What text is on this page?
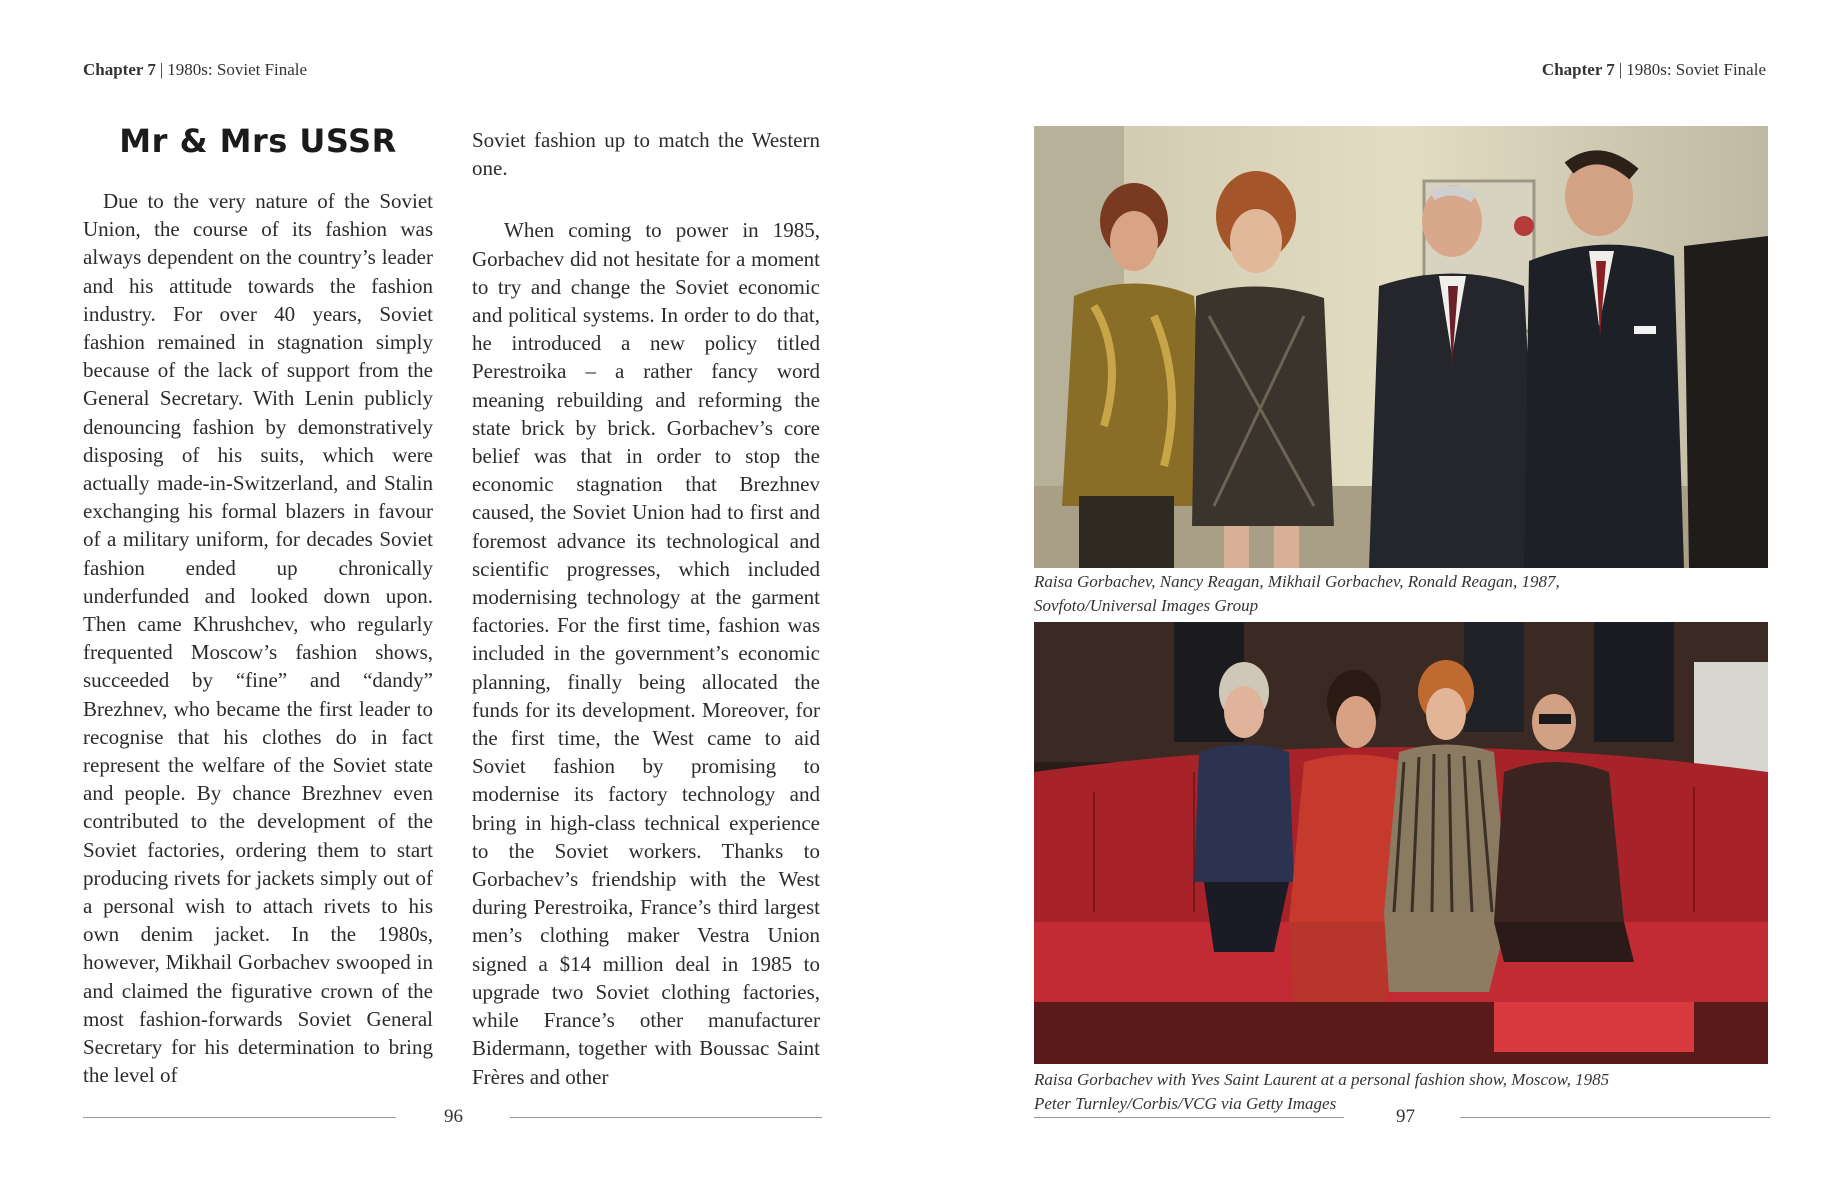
Chapter 7 | 1980s: Soviet Finale
Mr & Mrs USSR

Due to the very nature of the Soviet Union, the course of its fashion was always dependent on the country’s leader and his attitude towards the fashion industry. For over 40 years, Soviet fashion remained in stagnation simply because of the lack of support from the General Secretary. With Lenin publicly denouncing fashion by demonstratively disposing of his suits, which were actually made-in-Switzerland, and Stalin exchanging his formal blazers in favour of a military uniform, for decades Soviet fashion ended up chronically underfunded and looked down upon. Then came Khrushchev, who regularly frequented Moscow’s fashion shows, succeeded by “fine” and “dandy” Brezhnev, who became the first leader to recognise that his clothes do in fact represent the welfare of the Soviet state and people. By chance Brezhnev even contributed to the development of the Soviet factories, ordering them to start producing rivets for jackets simply out of a personal wish to attach rivets to his own denim jacket. In the 1980s, however, Mikhail Gorbachev swooped in and claimed the figurative crown of the most fashion-forwards Soviet General Secretary for his determination to bring the level of

Soviet fashion up to match the Western one.

When coming to power in 1985, Gorbachev did not hesitate for a moment to try and change the Soviet economic and political systems. In order to do that, he introduced a new policy titled Perestroika – a rather fancy word meaning rebuilding and reforming the state brick by brick. Gorbachev’s core belief was that in order to stop the economic stagnation that Brezhnev caused, the Soviet Union had to first and foremost advance its technological and scientific progresses, which included modernising technology at the garment factories. For the first time, fashion was included in the government’s economic planning, finally being allocated the funds for its development. Moreover, for the first time, the West came to aid Soviet fashion by promising to modernise its factory technology and bring in high-class technical experience to the Soviet workers. Thanks to Gorbachev’s friendship with the West during Perestroika, France’s third largest men’s clothing maker Vestra Union signed a $14 million deal in 1985 to upgrade two Soviet clothing factories, while France’s other manufacturer Bidermann, together with Boussac Saint Frères and other

96
Chapter 7 | 1980s: Soviet Finale
Raisa Gorbachev, Nancy Reagan, Mikhail Gorbachev, Ronald Reagan, 1987,
Sovfoto/Universal Images Group
Raisa Gorbachev with Yves Saint Laurent at a personal fashion show, Moscow, 1985
Peter Turnley/Corbis/VCG via Getty Images
97
